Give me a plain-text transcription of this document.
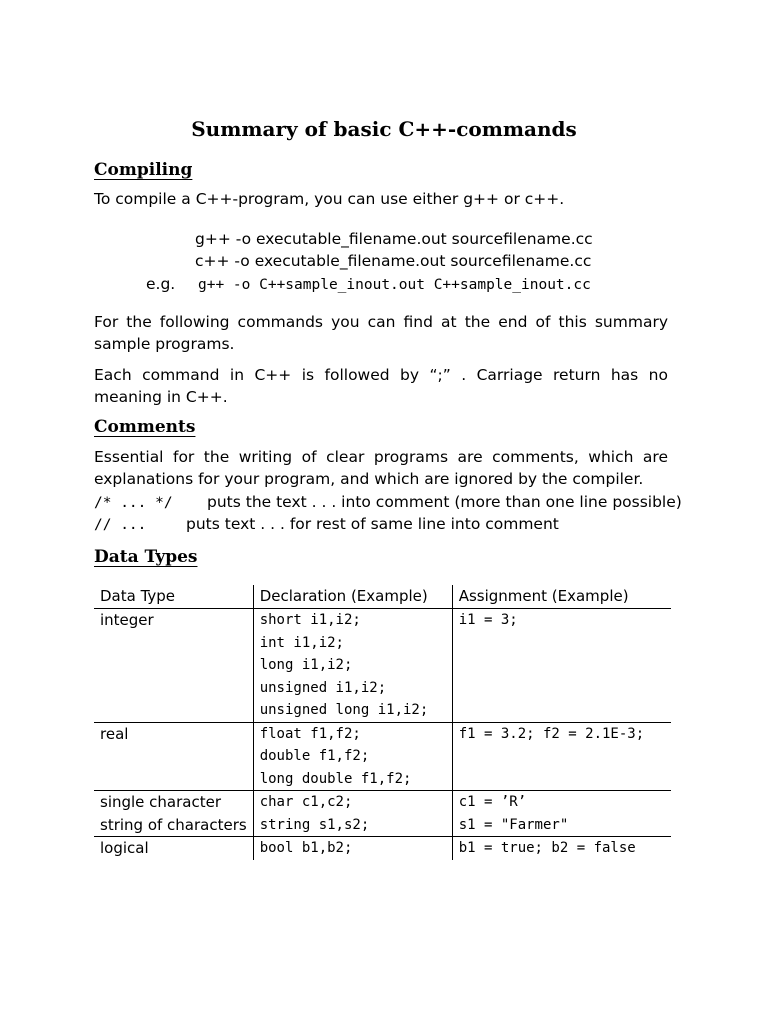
Summary of basic C++-commands
Compiling
To compile a C++-program, you can use either g++ or c++.
g++ -o executable_filename.out sourcefilename.cc
c++ -o executable_filename.out sourcefilename.cc
e.g. g++ -o C++sample_inout.out C++sample_inout.cc
For the following commands you can find at the end of this summary sample programs.
Each command in C++ is followed by “;” . Carriage return has no meaning in C++.
Comments
Essential for the writing of clear programs are comments, which are explanations for your program, and which are ignored by the compiler.
/* ... */ puts the text . . . into comment (more than one line possible)
// ...	puts text . . . for rest of same line into comment
Data Types
Data Type	Declaration (Example)	Assignment (Example)
integer	short i1,i2;	i1 = 3;
	int i1,i2;	
	long i1,i2;	
	unsigned i1,i2;	
	unsigned long i1,i2;	
real	float f1,f2;	f1 = 3.2; f2 = 2.1E-3;
	double f1,f2;	
	long double f1,f2;	
single character	char c1,c2;	c1 = ’R’
string of characters	string s1,s2;	s1 = "Farmer"
logical	bool b1,b2;	b1 = true; b2 = false
